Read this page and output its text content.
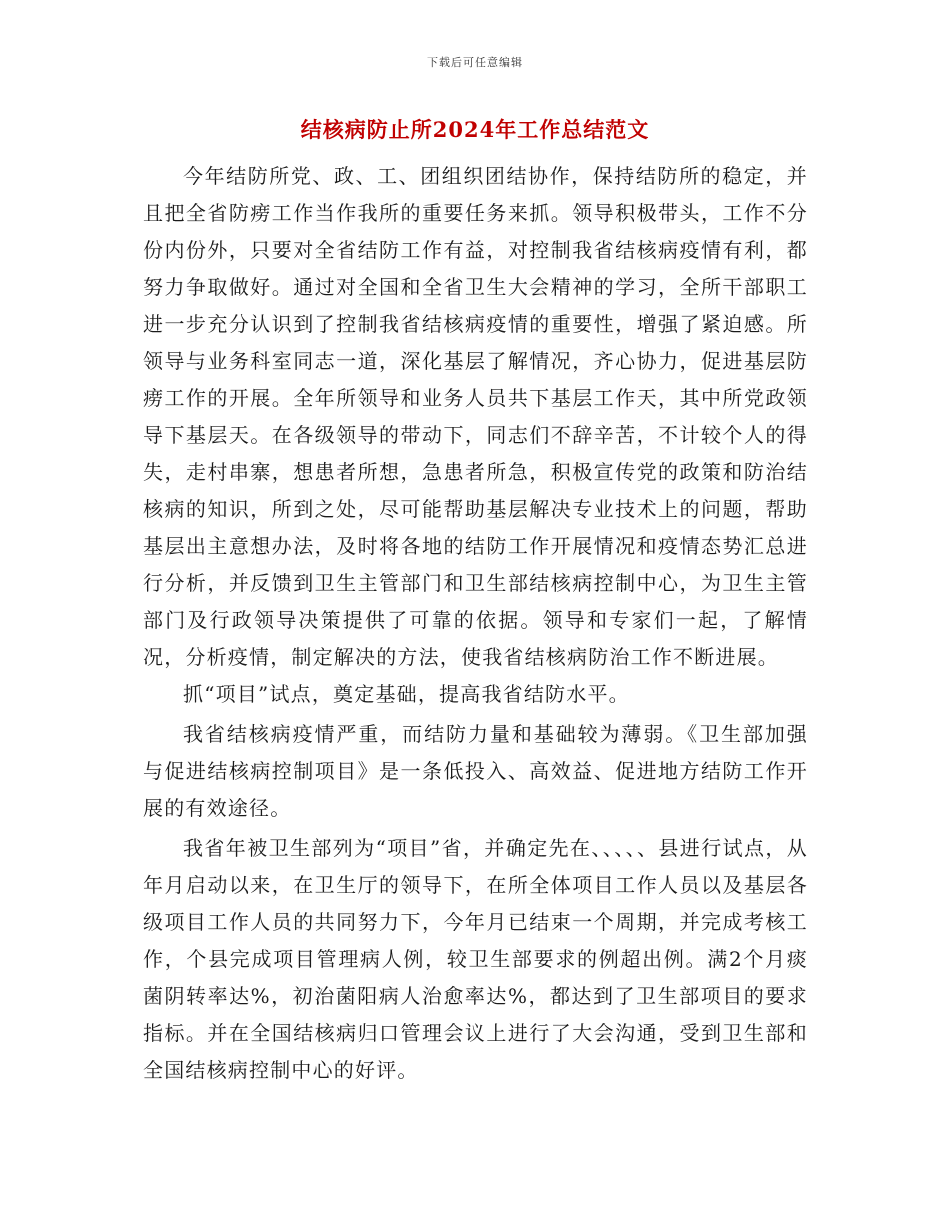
下载后可任意编辑
结核病防止所2024年工作总结范文

今年结防所党、政、工、团组织团结协作，保持结防所的稳定，并且把全省防痨工作当作我所的重要任务来抓。领导积极带头，工作不分份内份外，只要对全省结防工作有益，对控制我省结核病疫情有利，都努力争取做好。通过对全国和全省卫生大会精神的学习，全所干部职工进一步充分认识到了控制我省结核病疫情的重要性，增强了紧迫感。所领导与业务科室同志一道，深化基层了解情况，齐心协力，促进基层防痨工作的开展。全年所领导和业务人员共下基层工作天，其中所党政领导下基层天。在各级领导的带动下，同志们不辞辛苦，不计较个人的得失，走村串寨，想患者所想，急患者所急，积极宣传党的政策和防治结核病的知识，所到之处，尽可能帮助基层解决专业技术上的问题，帮助基层出主意想办法，及时将各地的结防工作开展情况和疫情态势汇总进行分析，并反馈到卫生主管部门和卫生部结核病控制中心，为卫生主管部门及行政领导决策提供了可靠的依据。领导和专家们一起，了解情况，分析疫情，制定解决的方法，使我省结核病防治工作不断进展。

抓“项目”试点，奠定基础，提高我省结防水平。

我省结核病疫情严重，而结防力量和基础较为薄弱。《卫生部加强与促进结核病控制项目》是一条低投入、高效益、促进地方结防工作开展的有效途径。

我省年被卫生部列为“项目”省，并确定先在、、、、、县进行试点，从年月启动以来，在卫生厅的领导下，在所全体项目工作人员以及基层各级项目工作人员的共同努力下，今年月已结束一个周期，并完成考核工作，个县完成项目管理病人例，较卫生部要求的例超出例。满2个月痰菌阴转率达%，初治菌阳病人治愈率达%，都达到了卫生部项目的要求指标。并在全国结核病归口管理会议上进行了大会沟通，受到卫生部和全国结核病控制中心的好评。
